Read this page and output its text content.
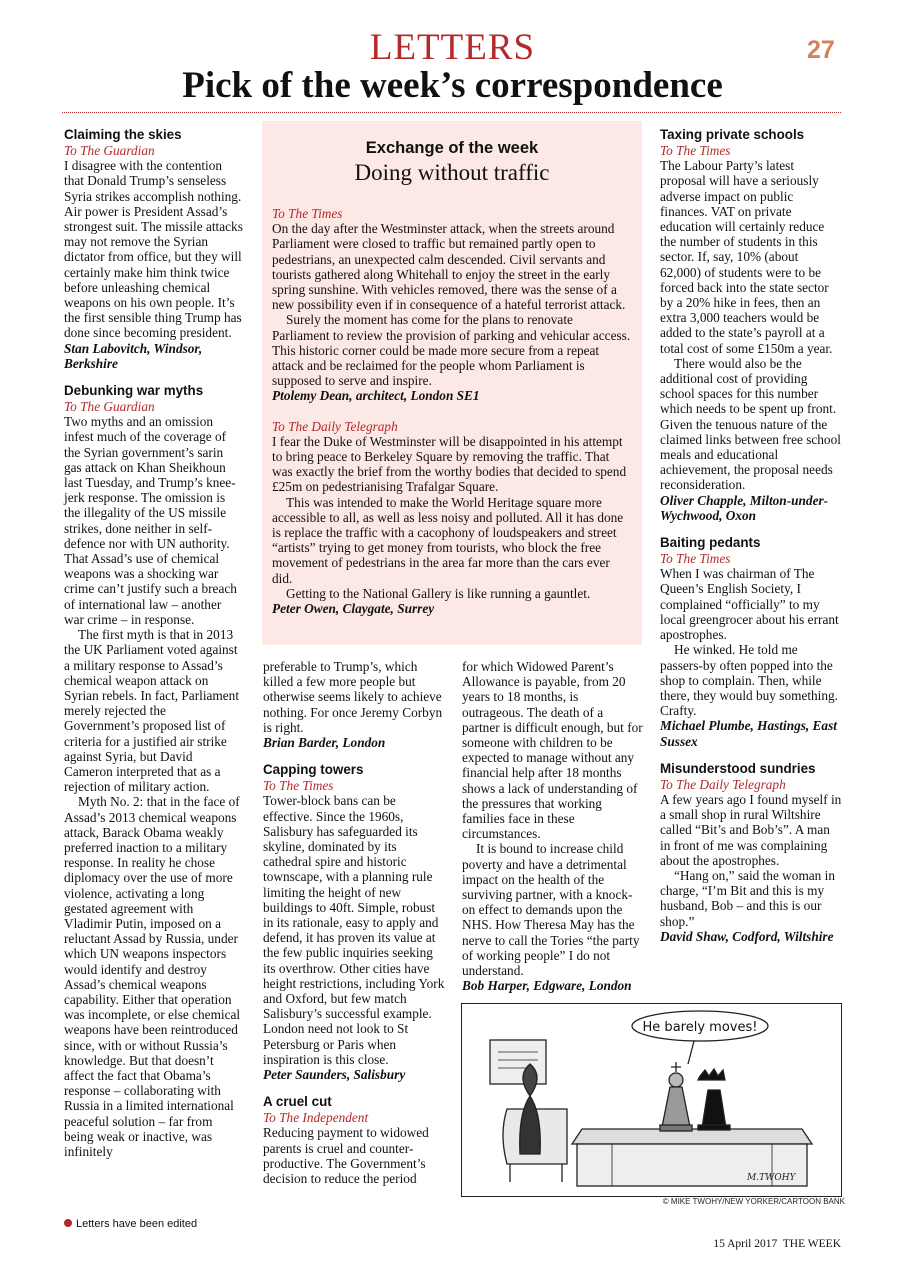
LETTERS
Pick of the week’s correspondence
27
Claiming the skies
To The Guardian

I disagree with the contention that Donald Trump’s senseless Syria strikes accomplish nothing. Air power is President Assad’s strongest suit. The missile attacks may not remove the Syrian dictator from office, but they will certainly make him think twice before unleashing chemical weapons on his own people. It’s the first sensible thing Trump has done since becoming president.

Stan Labovitch, Windsor, Berkshire
Debunking war myths
To The Guardian

Two myths and an omission infest much of the coverage of the Syrian government’s sarin gas attack on Khan Sheikhoun last Tuesday, and Trump’s knee-jerk response. The omission is the illegality of the US missile strikes, done neither in self-defence nor with UN authority. That Assad’s use of chemical weapons was a shocking war crime can’t justify such a breach of international law – another war crime – in response.

The first myth is that in 2013 the UK Parliament voted against a military response to Assad’s chemical weapon attack on Syrian rebels. In fact, Parliament merely rejected the Government’s proposed list of criteria for a justified air strike against Syria, but David Cameron interpreted that as a rejection of military action.

Myth No. 2: that in the face of Assad’s 2013 chemical weapons attack, Barack Obama weakly preferred inaction to a military response. In reality he chose diplomacy over the use of more violence, activating a long gestated agreement with Vladimir Putin, imposed on a reluctant Assad by Russia, under which UN weapons inspectors would identify and destroy Assad’s chemical weapons capability. Either that operation was incomplete, or else chemical weapons have been reintroduced since, with or without Russia’s knowledge. But that doesn’t affect the fact that Obama’s response – collaborating with Russia in a limited international peaceful solution – far from being weak or inactive, was infinitely

Exchange of the week
Doing without traffic
To The Times

On the day after the Westminster attack, when the streets around Parliament were closed to traffic but remained partly open to pedestrians, an unexpected calm descended. Civil servants and tourists gathered along Whitehall to enjoy the street in the early spring sunshine. With vehicles removed, there was the sense of a new possibility even if in consequence of a hateful terrorist attack.

Surely the moment has come for the plans to renovate Parliament to review the provision of parking and vehicular access. This historic corner could be made more secure from a repeat attack and be reclaimed for the people whom Parliament is supposed to serve and inspire.

Ptolemy Dean, architect, London SE1
To The Daily Telegraph

I fear the Duke of Westminster will be disappointed in his attempt to bring peace to Berkeley Square by removing the traffic. That was exactly the brief from the worthy bodies that decided to spend £25m on pedestrianising Trafalgar Square.

This was intended to make the World Heritage square more accessible to all, as well as less noisy and polluted. All it has done is replace the traffic with a cacophony of loudspeakers and street “artists” trying to get money from tourists, who block the free movement of pedestrians in the area far more than the cars ever did.

Getting to the National Gallery is like running a gauntlet.

Peter Owen, Claygate, Surrey

preferable to Trump’s, which killed a few more people but otherwise seems likely to achieve nothing. For once Jeremy Corbyn is right.

Brian Barder, London
Capping towers
To The Times

Tower-block bans can be effective. Since the 1960s, Salisbury has safeguarded its skyline, dominated by its cathedral spire and historic townscape, with a planning rule limiting the height of new buildings to 40ft. Simple, robust in its rationale, easy to apply and defend, it has proven its value at the few public inquiries seeking its overthrow. Other cities have height restrictions, including York and Oxford, but few match Salisbury’s successful example. London need not look to St Petersburg or Paris when inspiration is this close.

Peter Saunders, Salisbury
A cruel cut
To The Independent

Reducing payment to widowed parents is cruel and counter-productive. The Government’s decision to reduce the period

for which Widowed Parent’s Allowance is payable, from 20 years to 18 months, is outrageous. The death of a partner is difficult enough, but for someone with children to be expected to manage without any financial help after 18 months shows a lack of understanding of the pressures that working families face in these circumstances.

It is bound to increase child poverty and have a detrimental impact on the health of the surviving partner, with a knock-on effect to demands upon the NHS. How Theresa May has the nerve to call the Tories “the party of working people” I do not understand.

Bob Harper, Edgware, London
Taxing private schools
To The Times

The Labour Party’s latest proposal will have a seriously adverse impact on public finances. VAT on private education will certainly reduce the number of students in this sector. If, say, 10% (about 62,000) of students were to be forced back into the state sector by a 20% hike in fees, then an extra 3,000 teachers would be added to the state’s payroll at a total cost of some £150m a year.

There would also be the additional cost of providing school spaces for this number which needs to be spent up front. Given the tenuous nature of the claimed links between free school meals and educational achievement, the proposal needs reconsideration.

Oliver Chapple, Milton-under-Wychwood, Oxon
Baiting pedants
To The Times

When I was chairman of The Queen’s English Society, I complained “officially” to my local greengrocer about his errant apostrophes.

He winked. He told me passers-by often popped into the shop to complain. Then, while there, they would buy something. Crafty.

Michael Plumbe, Hastings, East Sussex
Misunderstood sundries
To The Daily Telegraph

A few years ago I found myself in a small shop in rural Wiltshire called “Bit’s and Bob’s”. A man in front of me was complaining about the apostrophes.

“Hang on,” said the woman in charge, “I’m Bit and this is my husband, Bob – and this is our shop.”

David Shaw, Codford, Wiltshire
He barely moves!
M.TWOHY
© MIKE TWOHY/NEW YORKER/CARTOON BANK
Letters have been edited
15 April 2017 THE WEEK
